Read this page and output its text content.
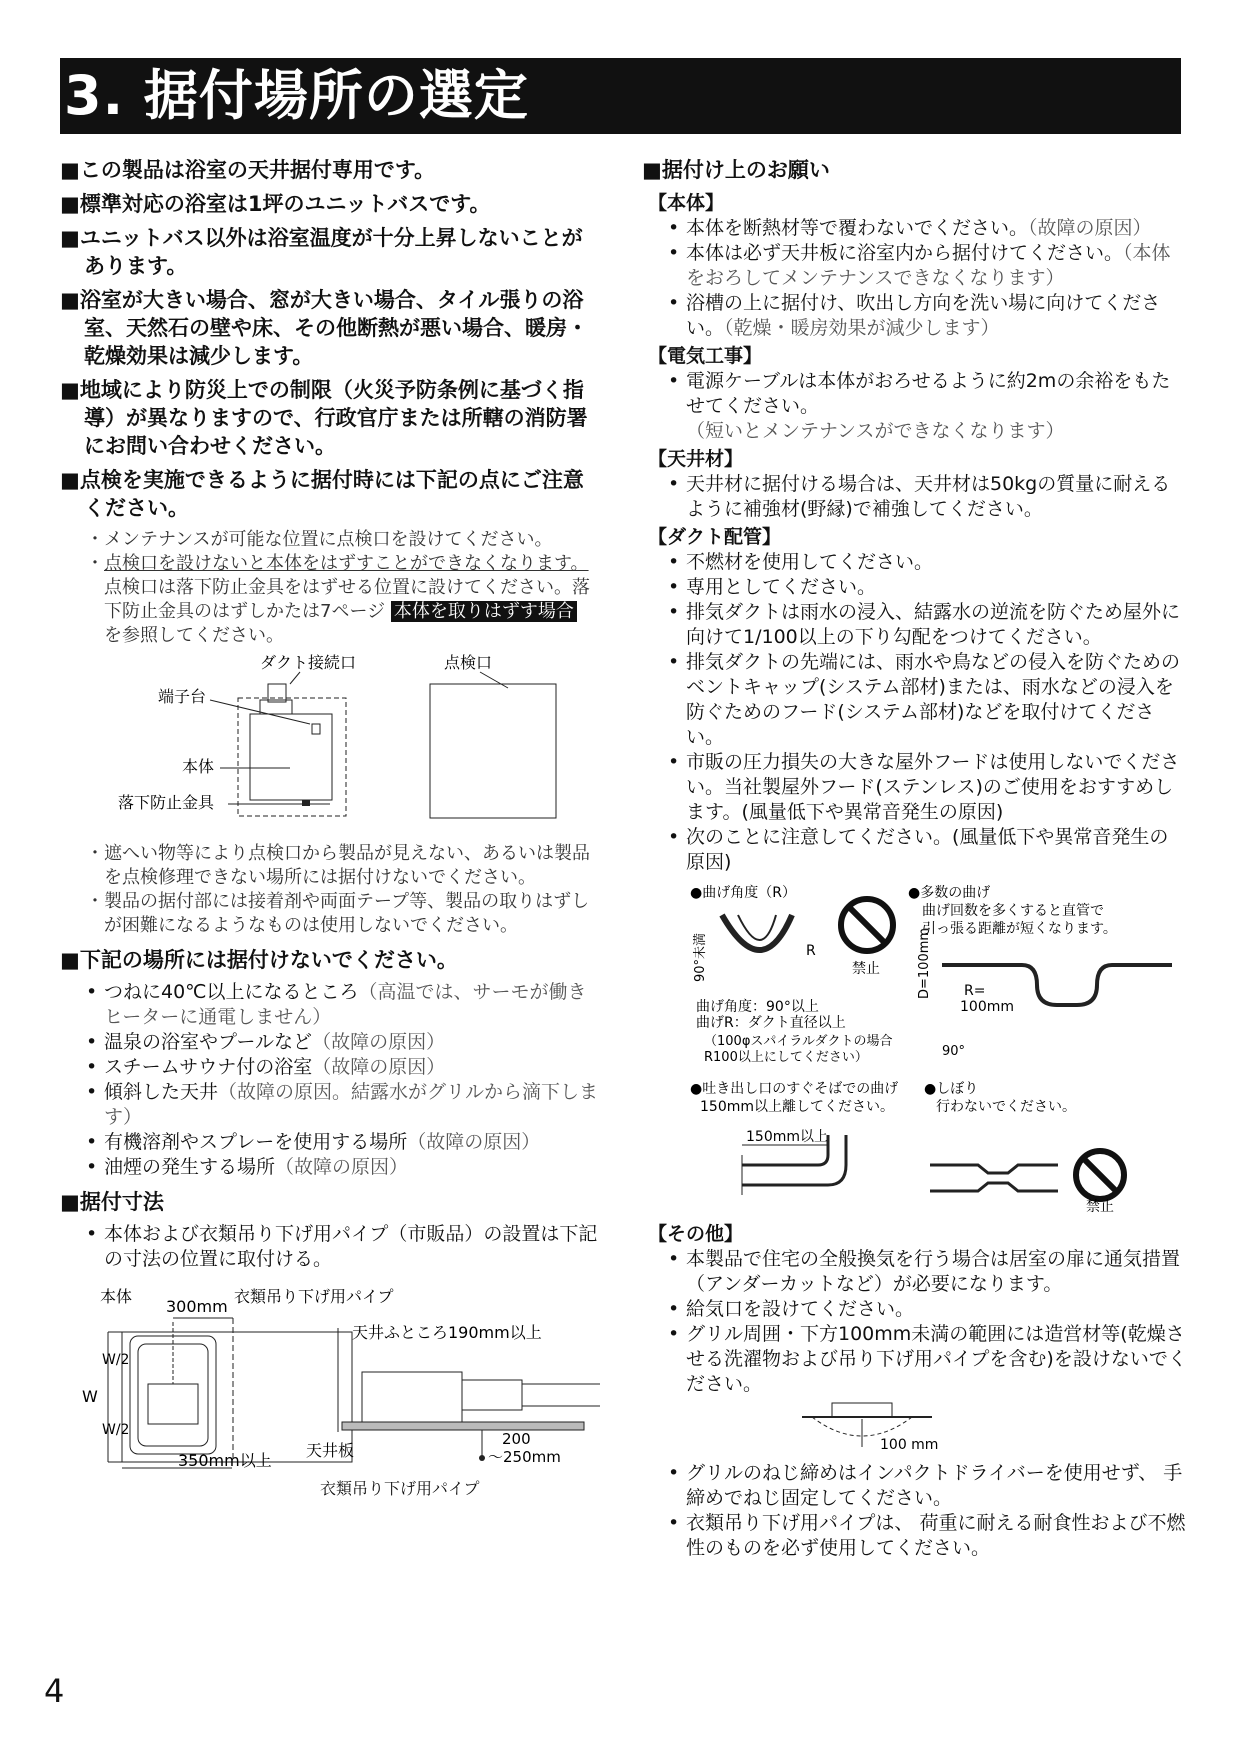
3. 据付場所の選定

■ この製品は浴室の天井据付専用です。

■ 標準対応の浴室は1坪のユニットバスです。

■ ユニットバス以外は浴室温度が十分上昇しないことがあります。

■ 浴室が大きい場合、窓が大きい場合、タイル張りの浴室、天然石の壁や床、その他断熱が悪い場合、暖房・乾燥効果は減少します。

■ 地域により防災上での制限（火災予防条例に基づく指導）が異なりますので、行政官庁または所轄の消防署にお問い合わせください。

■ 点検を実施できるように据付時には下記の点にご注意ください。

・ メンテナンスが可能な位置に点検口を設けてください。

・ 点検口を設けないと本体をはずすことができなくなります。点検口は落下防止金具をはずせる位置に設けてください。落下防止金具のはずしかたは7ページ 本体を取りはずす場合 を参照してください。

ダクト接続口
端子台
本体
落下防止金具
点検口

・ 遮へい物等により点検口から製品が見えない、あるいは製品を点検修理できない場所には据付けないでください。

・ 製品の据付部には接着剤や両面テープ等、製品の取りはずしが困難になるようなものは使用しないでください。

■ 下記の場所には据付けないでください。

• つねに40℃以上になるところ（高温では、サーモが働きヒーターに通電しません）

• 温泉の浴室やプールなど（故障の原因）

• スチームサウナ付の浴室（故障の原因）

• 傾斜した天井（故障の原因。結露水がグリルから滴下します）

• 有機溶剤やスプレーを使用する場所（故障の原因）

• 油煙の発生する場所（故障の原因）

■ 据付寸法

• 本体および衣類吊り下げ用パイプ（市販品）の設置は下記の寸法の位置に取付ける。

本体
300mm
衣類吊り下げ用パイプ
W
W/2
W/2
350mm以上
天井ふところ190mm以上
天井板
200
〜250mm
衣類吊り下げ用パイプ

■ 据付け上のお願い

【本体】

• 本体を断熱材等で覆わないでください。（故障の原因）

• 本体は必ず天井板に浴室内から据付けてください。（本体をおろしてメンテナンスできなくなります）

• 浴槽の上に据付け、吹出し方向を洗い場に向けてください。（乾燥・暖房効果が減少します）

【電気工事】

• 電源ケーブルは本体がおろせるように約2mの余裕をもたせてください。（短いとメンテナンスができなくなります）

【天井材】

• 天井材に据付ける場合は、天井材は50kgの質量に耐えるように補強材(野縁)で補強してください。

【ダクト配管】

• 不燃材を使用してください。

• 専用としてください。

• 排気ダクトは雨水の浸入、結露水の逆流を防ぐため屋外に向けて1/100以上の下り勾配をつけてください。

• 排気ダクトの先端には、雨水や鳥などの侵入を防ぐためのベントキャップ(システム部材)または、雨水などの浸入を防ぐためのフード(システム部材)などを取付けてください。

• 市販の圧力損失の大きな屋外フードは使用しないでください。当社製屋外フード(ステンレス)のご使用をおすすめします。(風量低下や異常音発生の原因)

• 次のことに注意してください。(風量低下や異常音発生の原因)

●曲げ角度（R）
90°未満	R
禁止
●多数の曲げ
曲げ回数を多くすると直管で
引っ張る距離が短くなります。
D=100mm R=
100mm
90°
曲げ角度：90°以上
曲げR：ダクト直径以上
（100φスパイラルダクトの場合
R100以上にしてください）
●吐き出し口のすぐそばでの曲げ
150mm以上離してください。
●しぼり
行わないでください。
150mm以上
禁止

【その他】

• 本製品で住宅の全般換気を行う場合は居室の扉に通気措置（アンダーカットなど）が必要になります。

• 給気口を設けてください。

• グリル周囲・下方100mm未満の範囲には造営材等(乾燥させる洗濯物および吊り下げ用パイプを含む)を設けないでください。

100 mm

• グリルのねじ締めはインパクトドライバーを使用せず、 手締めでねじ固定してください。

• 衣類吊り下げ用パイプは、 荷重に耐える耐食性および不燃性のものを必ず使用してください。

4
